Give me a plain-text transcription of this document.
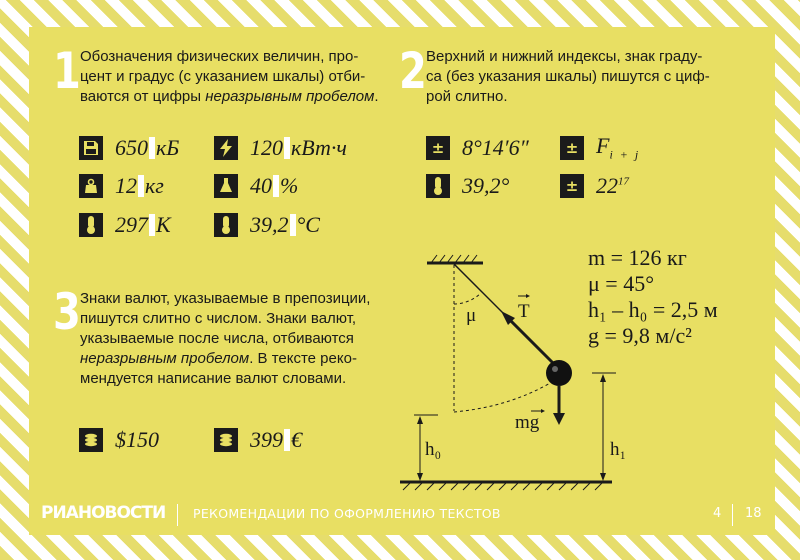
1 Обозначения физических величин, про-
цент и градус (с указанием шкалы) отби-
ваются от цифры неразрывным пробелом.
650 кБ	120 кВт·ч
12 кг	40 %
297 К	39,2 °С
2 Верхний и нижний индексы, знак граду-
са (без указания шкалы) пишутся с циф-
рой слитно.
± 8°14′6″	± $F_{i + j}$
39,2°	± $22^{17}$
3 Знаки валют, указываемые в препозиции,
пишутся слитно с числом. Знаки валют,
указываемые после числа, отбиваются
неразрывным пробелом. В тексте реко-
мендуется написание валют словами.
$150	399 €
μ T
mg
h₀	h₁
m = 126 кг
μ = 45°
h₁ – h₀ = 2,5 м
g = 9,8 м/с²
РИАНОВОСТИ РЕКОМЕНДАЦИИ ПО ОФОРМЛЕНИЮ ТЕКСТОВ	4 18
